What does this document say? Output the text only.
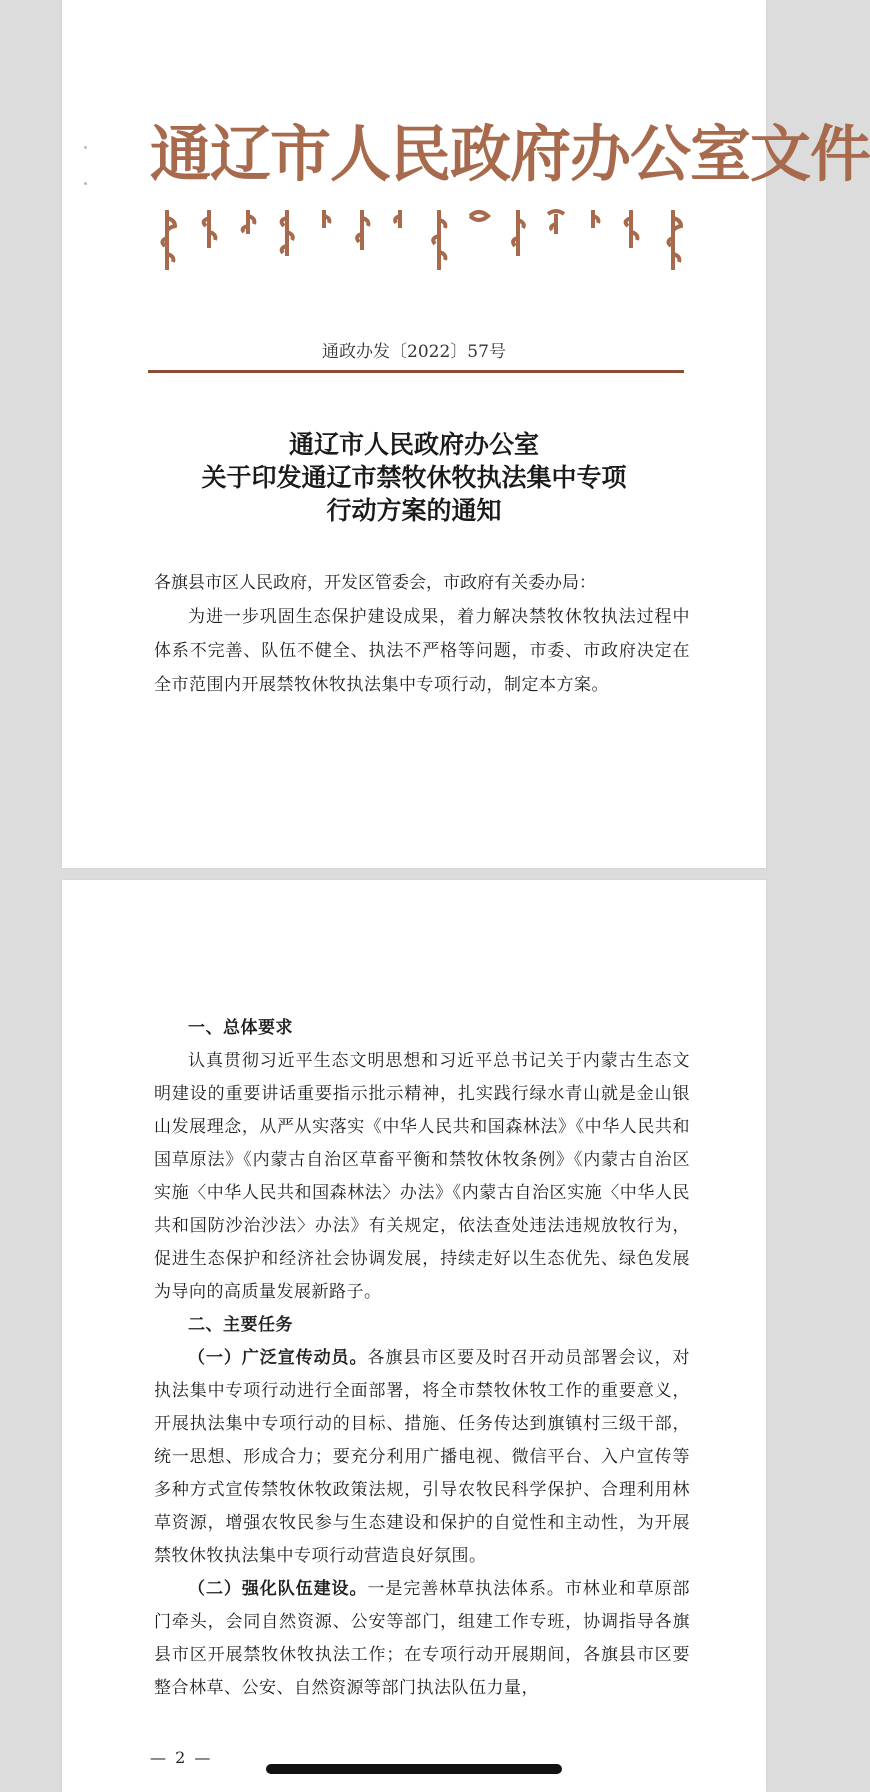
通辽市人民政府办公室文件
通政办发〔2022〕57号
通辽市人民政府办公室
关于印发通辽市禁牧休牧执法集中专项
行动方案的通知
各旗县市区人民政府，开发区管委会，市政府有关委办局：
为进一步巩固生态保护建设成果，着力解决禁牧休牧执法过程中体系不完善、队伍不健全、执法不严格等问题，市委、市政府决定在全市范围内开展禁牧休牧执法集中专项行动，制定本方案。
一、总体要求
认真贯彻习近平生态文明思想和习近平总书记关于内蒙古生态文明建设的重要讲话重要指示批示精神，扎实践行绿水青山就是金山银山发展理念，从严从实落实《中华人民共和国森林法》《中华人民共和国草原法》《内蒙古自治区草畜平衡和禁牧休牧条例》《内蒙古自治区实施〈中华人民共和国森林法〉办法》《内蒙古自治区实施〈中华人民共和国防沙治沙法〉办法》有关规定，依法查处违法违规放牧行为，促进生态保护和经济社会协调发展，持续走好以生态优先、绿色发展为导向的高质量发展新路子。
二、主要任务
（一）广泛宣传动员。各旗县市区要及时召开动员部署会议，对执法集中专项行动进行全面部署，将全市禁牧休牧工作的重要意义，开展执法集中专项行动的目标、措施、任务传达到旗镇村三级干部，统一思想、形成合力；要充分利用广播电视、微信平台、入户宣传等多种方式宣传禁牧休牧政策法规，引导农牧民科学保护、合理利用林草资源，增强农牧民参与生态建设和保护的自觉性和主动性，为开展禁牧休牧执法集中专项行动营造良好氛围。
（二）强化队伍建设。一是完善林草执法体系。市林业和草原部门牵头，会同自然资源、公安等部门，组建工作专班，协调指导各旗县市区开展禁牧休牧执法工作；在专项行动开展期间，各旗县市区要整合林草、公安、自然资源等部门执法队伍力量，
— 2 —
